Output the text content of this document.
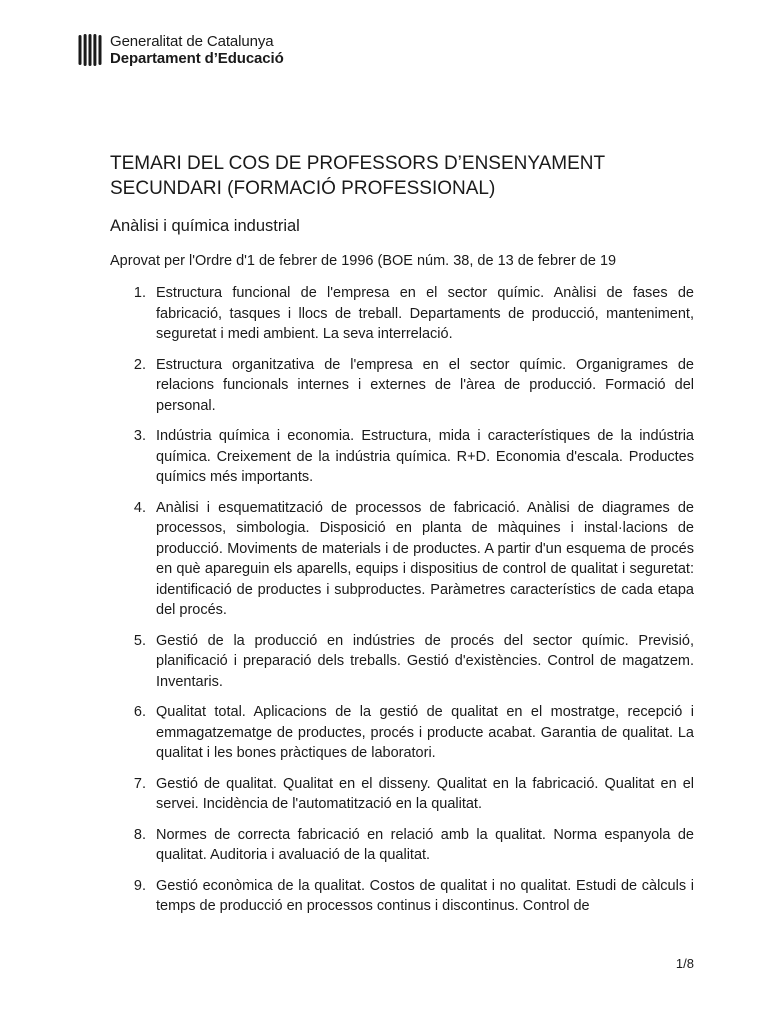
Generalitat de Catalunya
Departament d’Educació
TEMARI DEL COS DE PROFESSORS D’ENSENYAMENT SECUNDARI (FORMACIÓ PROFESSIONAL)
Anàlisi i química industrial

Aprovat per l'Ordre d'1 de febrer de 1996 (BOE núm. 38, de 13 de febrer de 19

1. Estructura funcional de l'empresa en el sector químic. Anàlisi de fases de fabricació, tasques i llocs de treball. Departaments de producció, manteniment, seguretat i medi ambient. La seva interrelació.
2. Estructura organitzativa de l'empresa en el sector químic. Organigrames de relacions funcionals internes i externes de l'àrea de producció. Formació del personal.
3. Indústria química i economia. Estructura, mida i característiques de la indústria química. Creixement de la indústria química. R+D. Economia d'escala. Productes químics més importants.
4. Anàlisi i esquematització de processos de fabricació. Anàlisi de diagrames de processos, simbologia. Disposició en planta de màquines i instal·lacions de producció. Moviments de materials i de productes. A partir d'un esquema de procés en què apareguin els aparells, equips i dispositius de control de qualitat i seguretat: identificació de productes i subproductes. Paràmetres característics de cada etapa del procés.
5. Gestió de la producció en indústries de procés del sector químic. Previsió, planificació i preparació dels treballs. Gestió d'existències. Control de magatzem. Inventaris.
6. Qualitat total. Aplicacions de la gestió de qualitat en el mostratge, recepció i emmagatzematge de productes, procés i producte acabat. Garantia de qualitat. La qualitat i les bones pràctiques de laboratori.
7. Gestió de qualitat. Qualitat en el disseny. Qualitat en la fabricació. Qualitat en el servei. Incidència de l'automatització en la qualitat.
8. Normes de correcta fabricació en relació amb la qualitat. Norma espanyola de qualitat. Auditoria i avaluació de la qualitat.
9. Gestió econòmica de la qualitat. Costos de qualitat i no qualitat. Estudi de càlculs i temps de producció en processos continus i discontinus. Control de
1/8
